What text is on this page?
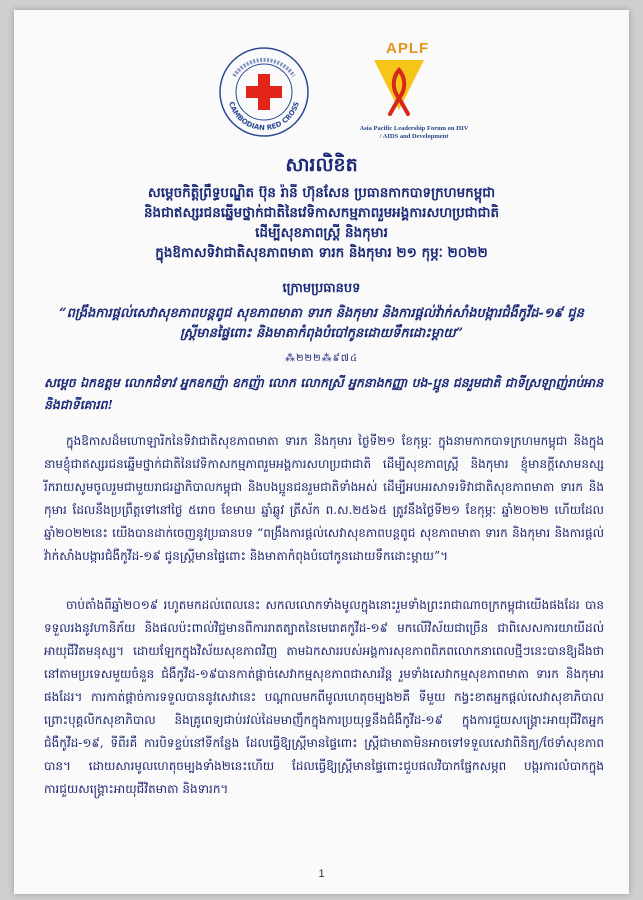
CAMBODIAN RED CROSS
APLF
Asia Pacific Leadership Forum on HIV / AIDS and Development
សារលិខិត
សម្តេចកិត្តិព្រឹទ្ធបណ្ឌិត ប៊ុន រ៉ានី ហ៊ុនសែន ប្រធានកាកបាទក្រហមកម្ពុជា
និងជាឥស្សរជនឆ្នើមថ្នាក់ជាតិនៃវេទិកាសកម្មភាពរួមអង្គការសហប្រជាជាតិ
ដើម្បីសុខភាពស្ត្រី និងកុមារ
ក្នុងឱកាសទិវាជាតិសុខភាពមាតា ទារក និងកុមារ ២១ កុម្ភៈ ២០២២
ក្រោមប្រធានបទ
“ពង្រឹងការផ្តល់សេវាសុខភាពបន្តពូជ សុខភាពមាតា ទារក និងកុមារ និងការផ្តល់វ៉ាក់សាំងបង្ការជំងឺកូវីដ-១៩ ជូនស្ត្រីមានផ្ទៃពោះ និងមាតាកំពុងបំបៅកូនដោយទឹកដោះម្តាយ”
⁂២២២⁂៩៧៤
សម្តេច ឯកឧត្តម លោកជំទាវ អ្នកឧកញ៉ា ឧកញ៉ា លោក លោកស្រី អ្នកនាងកញ្ញា បង-ប្អូន ជនរួមជាតិ ជាទីស្រឡាញ់រាប់អាន និងជាទីគោរព!
ក្នុងឱកាសដ៏មហោឡារិកនៃទិវាជាតិសុខភាពមាតា ទារក និងកុមារ ថ្ងៃទី២១ ខែកុម្ភៈ ក្នុងនាមកាកបាទក្រហមកម្ពុជា និងក្នុងនាមខ្ញុំជាឥស្សរជនឆ្នើមថ្នាក់ជាតិនៃវេទិកាសកម្មភាពរួមអង្គការសហប្រជាជាតិ ដើម្បីសុខភាពស្ត្រី និងកុមារ ខ្ញុំមានក្តីសោមនស្សរីករាយសូមចូលរួមជាមួយរាជរដ្ឋាភិបាលកម្ពុជា និងបងប្អូនជនរួមជាតិទាំងអស់ ដើម្បីអបអរសាទរទិវាជាតិសុខភាពមាតា ទារក និងកុមារ ដែលនឹងប្រព្រឹត្តទៅនៅថ្ងៃ ៥រោច ខែមាឃ ឆ្នាំឆ្លូវ ត្រីស័ក ព.ស.២៥៦៥ ត្រូវនឹងថ្ងៃទី២១ ខែកុម្ភៈ ឆ្នាំ២០២២ ហើយដែលឆ្នាំ២០២២នេះ យើងបានដាក់ចេញនូវប្រធានបទ “ពង្រឹងការផ្តល់សេវាសុខភាពបន្តពូជ សុខភាពមាតា ទារក និងកុមារ និងការផ្តល់វ៉ាក់សាំងបង្ការជំងឺកូវីដ-១៩ ជូនស្ត្រីមានផ្ទៃពោះ និងមាតាកំពុងបំបៅកូនដោយទឹកដោះម្តាយ”។
ចាប់តាំងពីឆ្នាំ២០១៩ រហូតមកដល់ពេលនេះ សកលលោកទាំងមូលក្នុងនោះរួមទាំងព្រះរាជាណាចក្រកម្ពុជាយើងផងដែរ បានទទួលរងនូវហានិភ័យ និងផលប៉ះពាល់វិជ្ជមានពីការរាតត្បាតនៃមេរោគកូវីដ-១៩ មកលើវិស័យជាច្រើន ជាពិសេសការយាយីដល់អាយុជីវិតមនុស្ស។ ដោយឡែកក្នុងវិស័យសុខភាពវិញ តាមឯកសាររបស់អង្គការសុខភាពពិភពលោកនាពេលថ្មីៗនេះបានឱ្យដឹងថា នៅតាមប្រទេសមួយចំនួន ជំងឺកូវីដ-១៩បានកាត់ផ្តាច់សេវាកម្មសុខភាពជាសារវ័ន្ត រួមទាំងសេវាកម្មសុខភាពមាតា ទារក និងកុមារផងដែរ។ ការកាត់ផ្តាច់ការទទួលបាននូវសេវានេះ បណ្តាលមកពីមូលហេតុចម្បង២គឺ ទីមួយ កង្វះខាតអ្នកផ្តល់សេវាសុខាភិបាល ព្រោះបុគ្គលិកសុខាភិបាល និងគ្រូពេទ្យជាប់រវល់ដៃមមាញឹកក្នុងការប្រយុទ្ធនឹងជំងឺកូវីដ-១៩ ក្នុងការជួយសង្គ្រោះអាយុជីវិតអ្នកជំងឺកូវីដ-១៩, ទីពីរគឺ ការបិទខ្ទប់នៅទីកន្លែង ដែលធ្វើឱ្យស្ត្រីមានផ្ទៃពោះ ស្ត្រីជាមាតាមិនអាចទៅទទួលសេវាពិនិត្យ/ថែទាំសុខភាពបាន។ ដោយសារមូលហេតុចម្បងទាំង២នេះហើយ ដែលធ្វើឱ្យស្ត្រីមានផ្ទៃពោះជួបផលវិបាកផ្នែកសម្ភព បង្ករការលំបាកក្នុងការជួយសង្គ្រោះអាយុជីវិតមាតា និងទារក។
1
